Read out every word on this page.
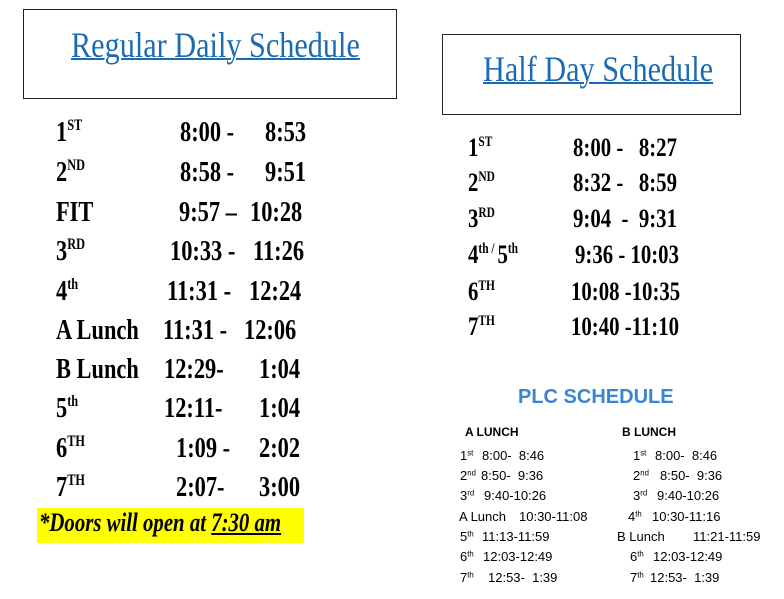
Regular Daily Schedule
Half Day Schedule
1ST	8:00 - 8:53
2ND	8:58 - 9:51
FIT	9:57 – 10:28
3RD	10:33 - 11:26
4th	11:31 - 12:24
A Lunch 11:31 - 12:06
B Lunch 12:29- 1:04
5th	12:11- 1:04
6TH	1:09 - 2:02
7TH	2:07- 3:00
*Doors will open at 7:30 am
1ST	8:00 -   8:27
2ND	8:32 -   8:59
3RD	9:04  -  9:31
$4^{th /}$ 5th 9:36 - 10:03
6TH	10:08 -10:35
7TH	10:40 -11:10
PLC SCHEDULE
A LUNCH	B LUNCH
1st 8:00-  8:46
2nd 8:50-  9:36
3rd 9:40-10:26
A Lunch 10:30-11:08
5th 11:13-11:59
6th 12:03-12:49
7th 12:53-  1:39
1st 8:00-  8:46
2nd 8:50-  9:36
3rd 9:40-10:26
4th 10:30-11:16
B Lunch 11:21-11:59
6th 12:03-12:49
7th 12:53-  1:39
